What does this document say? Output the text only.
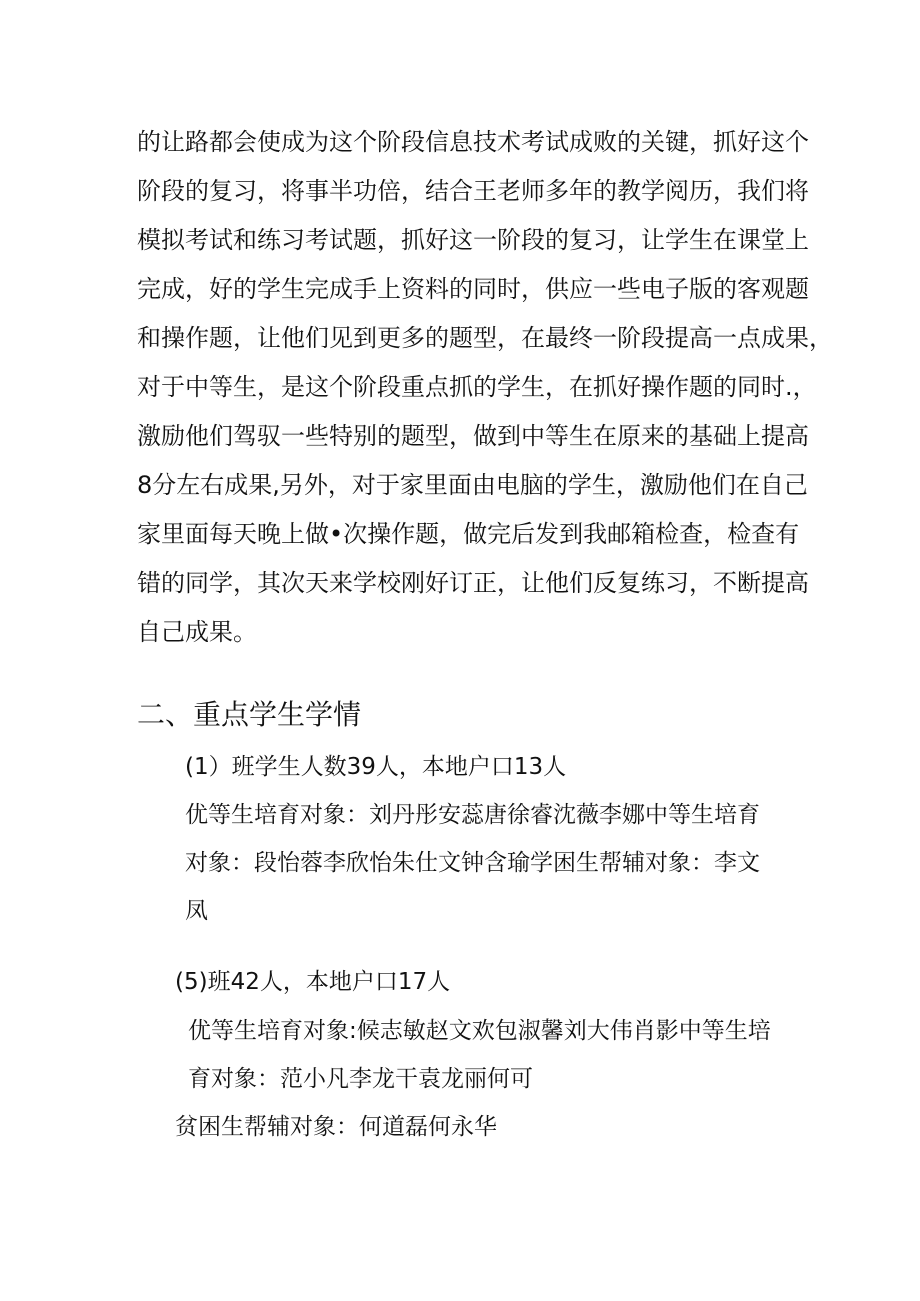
的让路都会使成为这个阶段信息技术考试成败的关键，抓好这个
阶段的复习，将事半功倍，结合王老师多年的教学阅历，我们将
模拟考试和练习考试题，抓好这一阶段的复习，让学生在课堂上
完成，好的学生完成手上资料的同时，供应一些电子版的客观题
和操作题，让他们见到更多的题型，在最终一阶段提高一点成果，
对于中等生，是这个阶段重点抓的学生，在抓好操作题的同时.，
激励他们驾驭一些特别的题型，做到中等生在原来的基础上提高
8分左右成果,另外，对于家里面由电脑的学生，激励他们在自己
家里面每天晚上做•次操作题，做完后发到我邮箱检查，检查有
错的同学，其次天来学校刚好订正，让他们反复练习，不断提高
自己成果。
二、重点学生学情
(1）班学生人数39人，本地户口13人
优等生培育对象：刘丹彤安蕊唐徐睿沈薇李娜中等生培育
对象：段怡蓉李欣怡朱仕文钟含瑜学困生帮辅对象：李文
凤
(5)班42人，本地户口17人
优等生培育对象:候志敏赵文欢包淑馨刘大伟肖影中等生培
育对象：范小凡李龙干袁龙丽何可
贫困生帮辅对象：何道磊何永华
